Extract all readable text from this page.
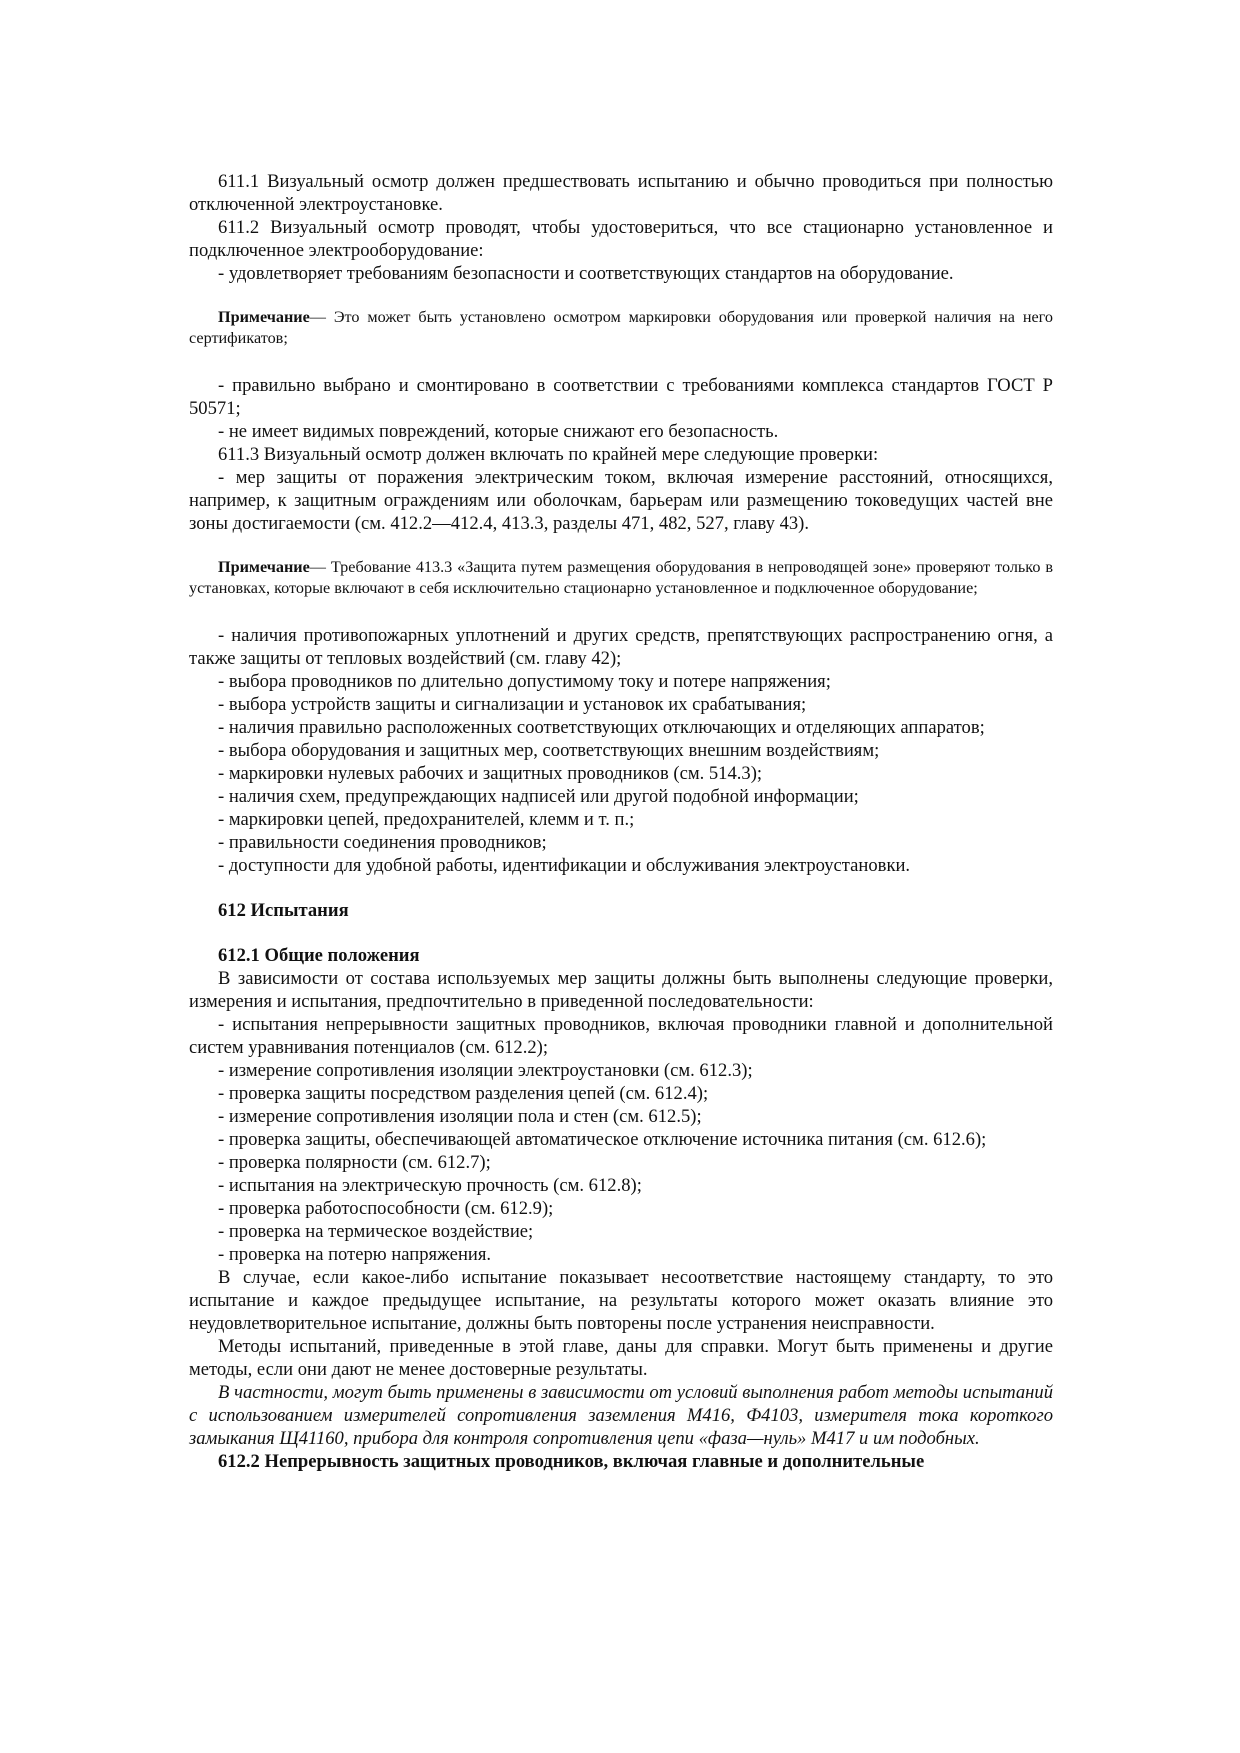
611.1 Визуальный осмотр должен предшествовать испытанию и обычно проводиться при полностью отключенной электроустановке.

611.2 Визуальный осмотр проводят, чтобы удостовериться, что все стационарно установленное и подключенное электрооборудование:

- удовлетворяет требованиям безопасности и соответствующих стандартов на оборудование.

Примечание— Это может быть установлено осмотром маркировки оборудования или проверкой наличия на него сертификатов;

- правильно выбрано и смонтировано в соответствии с требованиями комплекса стандартов ГОСТ Р 50571;

- не имеет видимых повреждений, которые снижают его безопасность.

611.3 Визуальный осмотр должен включать по крайней мере следующие проверки:

- мер защиты от поражения электрическим током, включая измерение расстояний, относящихся, например, к защитным ограждениям или оболочкам, барьерам или размещению токоведущих частей вне зоны достигаемости (см. 412.2—412.4, 413.3, разделы 471, 482, 527, главу 43).

Примечание— Требование 413.3 «Защита путем размещения оборудования в непроводящей зоне» проверяют только в установках, которые включают в себя исключительно стационарно установленное и подключенное оборудование;

- наличия противопожарных уплотнений и других средств, препятствующих распространению огня, а также защиты от тепловых воздействий (см. главу 42);

- выбора проводников по длительно допустимому току и потере напряжения;

- выбора устройств защиты и сигнализации и установок их срабатывания;

- наличия правильно расположенных соответствующих отключающих и отделяющих аппаратов;

- выбора оборудования и защитных мер, соответствующих внешним воздействиям;

- маркировки нулевых рабочих и защитных проводников (см. 514.3);

- наличия схем, предупреждающих надписей или другой подобной информации;

- маркировки цепей, предохранителей, клемм и т. п.;

- правильности соединения проводников;

- доступности для удобной работы, идентификации и обслуживания электроустановки.

612 Испытания

612.1 Общие положения

В зависимости от состава используемых мер защиты должны быть выполнены следующие проверки, измерения и испытания, предпочтительно в приведенной последовательности:

- испытания непрерывности защитных проводников, включая проводники главной и дополнительной систем уравнивания потенциалов (см. 612.2);

- измерение сопротивления изоляции электроустановки (см. 612.3);

- проверка защиты посредством разделения цепей (см. 612.4);

- измерение сопротивления изоляции пола и стен (см. 612.5);

- проверка защиты, обеспечивающей автоматическое отключение источника питания (см. 612.6);

- проверка полярности (см. 612.7);

- испытания на электрическую прочность (см. 612.8);

- проверка работоспособности (см. 612.9);

- проверка на термическое воздействие;

- проверка на потерю напряжения.

В случае, если какое-либо испытание показывает несоответствие настоящему стандарту, то это испытание и каждое предыдущее испытание, на результаты которого может оказать влияние это неудовлетворительное испытание, должны быть повторены после устранения неисправности.

Методы испытаний, приведенные в этой главе, даны для справки. Могут быть применены и другие методы, если они дают не менее достоверные результаты.

В частности, могут быть применены в зависимости от условий выполнения работ методы испытаний с использованием измерителей сопротивления заземления М416, Ф4103, измерителя тока короткого замыкания Щ41160, прибора для контроля сопротивления цепи «фаза—нуль» М417 и им подобных.

612.2 Непрерывность защитных проводников, включая главные и дополнительные
